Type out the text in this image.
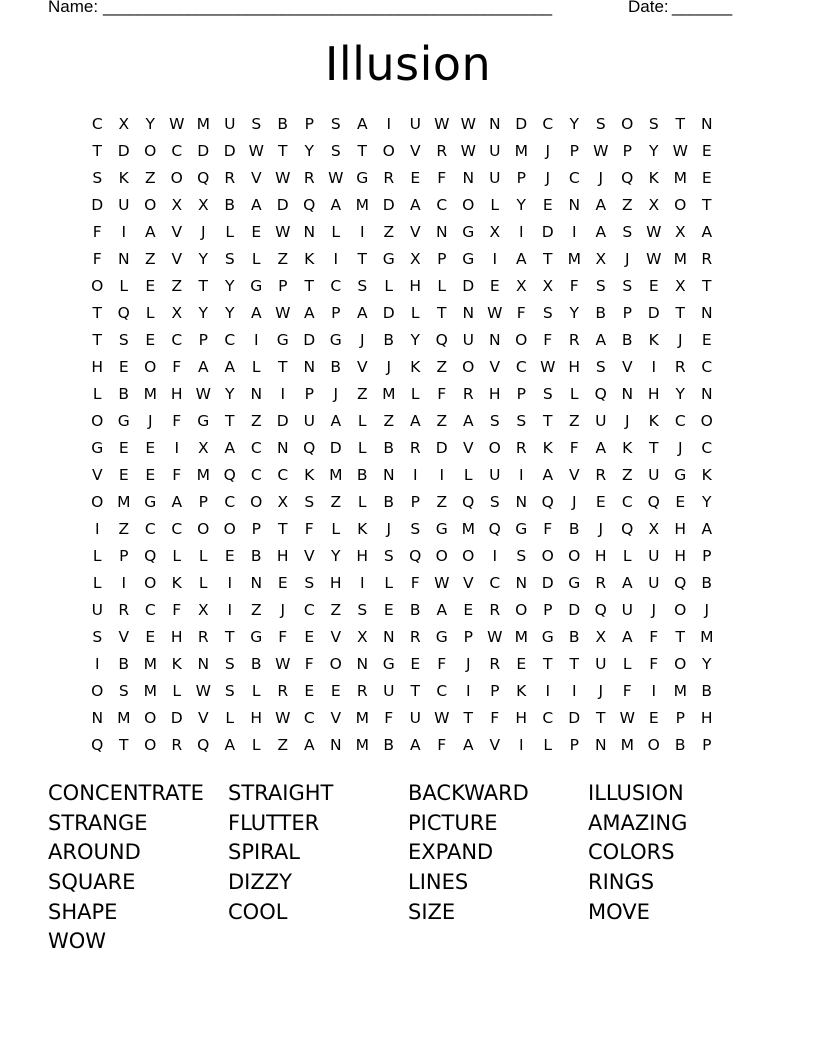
Name: _____________________________________________________	Date: _______
Illusion
C	X	Y W M U	S	B	P	S	A	I	U W W N D C	Y	S O S	T	N
T	D O C D D W T	Y	S	T	O V	R W U M	J	P W P	Y W E
S	K	Z O Q R	V W R W G R	E	F	N U	P	J	C	J	Q K M E
D U O X	X	B	A D Q A M D A	C O	L	Y	E	N A	Z	X O	T
F	I	A	V	J	L	E W N	L	I	Z	V N G X	I	D	I	A	S W X	A
F	N Z	V	Y	S	L	Z	K	I	T	G X	P	G	I	A	T M X	J	W M R
O	L	E	Z	T	Y	G	P	T	C	S	L	H	L	D	E	X	X	F	S	S	E	X	T
T	Q	L	X	Y	Y	A W A	P	A D	L	T	N W F	S	Y	B	P	D	T	N
T	S	E	C	P	C	I	G D G	J	B	Y	Q U N O	F	R	A	B	K	J	E
H	E	O	F	A	A	L	T	N B	V	J	K	Z O V	C W H	S	V	I	R	C
L	B M H W Y	N	I	P	J	Z M L	F	R H	P	S	L	Q N H	Y	N
O G	J	F	G	T	Z D U	A	L	Z	A	Z	A	S	S	T	Z	U	J	K	C O
G	E	E	I	X	A	C N Q D	L	B	R D V O R	K	F	A	K	T	J	C
V	E	E	F M Q C	C	K M B N	I	I	L	U	I	A	V	R	Z	U G K
O M G A	P	C O X	S	Z	L	B	P	Z Q S	N Q	J	E	C Q	E	Y
I	Z	C	C O O	P	T	F	L	K	J	S	G M Q G	F	B	J	Q X H A
L	P	Q	L	L	E	B H V	Y	H	S Q O O	I	S O O H	L	U H	P
L	I	O K	L	I	N	E	S	H	I	L	F W V	C N D G R	A	U Q B
U R	C	F	X	I	Z	J	C	Z	S	E	B	A	E	R O	P	D Q U	J	O	J
S	V	E	H R	T	G	F	E	V	X N R G	P W M G B	X	A	F	T M
I	B M K	N	S	B W F	O N G	E	F	J	R	E	T	T	U	L	F	O	Y
O S M L W S	L	R	E	E	R U	T	C	I	P	K	I	I	J	F	I	M B
N M O D V	L	H W C	V M F	U W T	F	H C D	T W E	P	H
Q	T	O R Q A	L	Z	A N M B	A	F	A	V	I	L	P	N M O B	P
CONCENTRATE	STRAIGHT	BACKWARD	ILLUSION
STRANGE	FLUTTER	PICTURE	AMAZING
AROUND	SPIRAL	EXPAND	COLORS
SQUARE	DIZZY	LINES	RINGS
SHAPE	COOL	SIZE	MOVE
WOW
